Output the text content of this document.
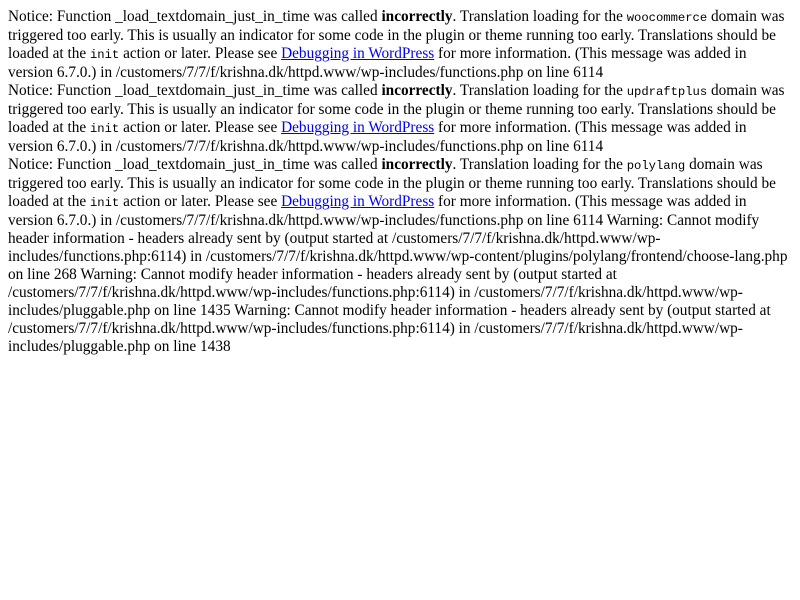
Notice: Function _load_textdomain_just_in_time was called incorrectly. Translation loading for the woocommerce domain was triggered too early. This is usually an indicator for some code in the plugin or theme running too early. Translations should be loaded at the init action or later. Please see Debugging in WordPress for more information. (This message was added in version 6.7.0.) in /customers/7/7/f/krishna.dk/httpd.www/wp-includes/functions.php on line 6114
Notice: Function _load_textdomain_just_in_time was called incorrectly. Translation loading for the updraftplus domain was triggered too early. This is usually an indicator for some code in the plugin or theme running too early. Translations should be loaded at the init action or later. Please see Debugging in WordPress for more information. (This message was added in version 6.7.0.) in /customers/7/7/f/krishna.dk/httpd.www/wp-includes/functions.php on line 6114
Notice: Function _load_textdomain_just_in_time was called incorrectly. Translation loading for the polylang domain was triggered too early. This is usually an indicator for some code in the plugin or theme running too early. Translations should be loaded at the init action or later. Please see Debugging in WordPress for more information. (This message was added in version 6.7.0.) in /customers/7/7/f/krishna.dk/httpd.www/wp-includes/functions.php on line 6114 Warning: Cannot modify header information - headers already sent by (output started at /customers/7/7/f/krishna.dk/httpd.www/wp-includes/functions.php:6114) in /customers/7/7/f/krishna.dk/httpd.www/wp-content/plugins/polylang/frontend/choose-lang.php on line 268 Warning: Cannot modify header information - headers already sent by (output started at /customers/7/7/f/krishna.dk/httpd.www/wp-includes/functions.php:6114) in /customers/7/7/f/krishna.dk/httpd.www/wp-includes/pluggable.php on line 1435 Warning: Cannot modify header information - headers already sent by (output started at /customers/7/7/f/krishna.dk/httpd.www/wp-includes/functions.php:6114) in /customers/7/7/f/krishna.dk/httpd.www/wp-includes/pluggable.php on line 1438
